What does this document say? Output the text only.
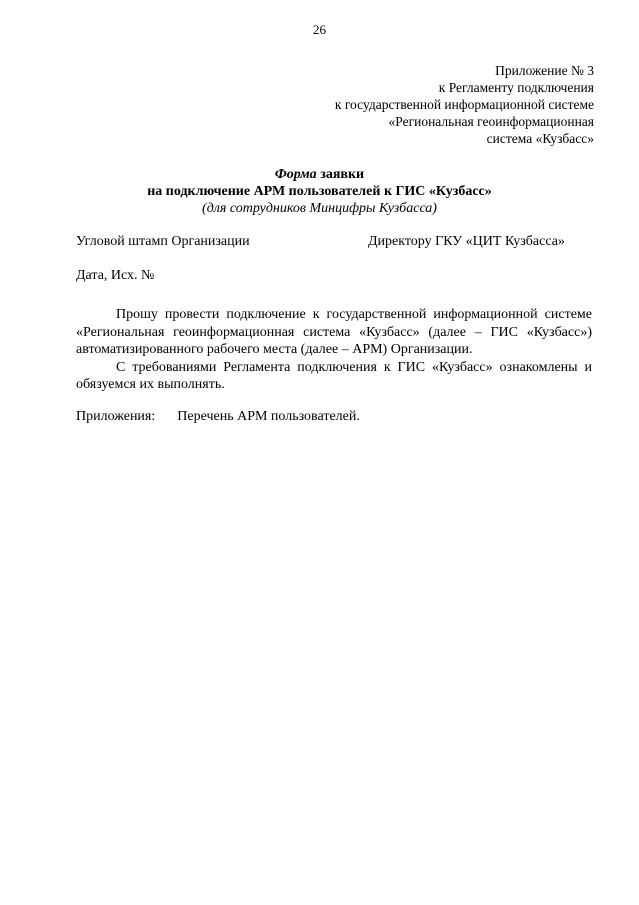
26
Приложение № 3
к Регламенту подключения
к государственной информационной системе
«Региональная геоинформационная
система «Кузбасс»
Форма заявки
на подключение АРМ пользователей к ГИС «Кузбасс»
(для сотрудников Минцифры Кузбасса)
Угловой штамп Организации	Директору ГКУ «ЦИТ Кузбасса»
Дата, Исх. №

Прошу провести подключение к государственной информационной системе «Региональная геоинформационная система «Кузбасс» (далее – ГИС «Кузбасс») автоматизированного рабочего места (далее – АРМ) Организации.

С требованиями Регламента подключения к ГИС «Кузбасс» ознакомлены и обязуемся их выполнять.

Приложения: Перечень АРМ пользователей.
